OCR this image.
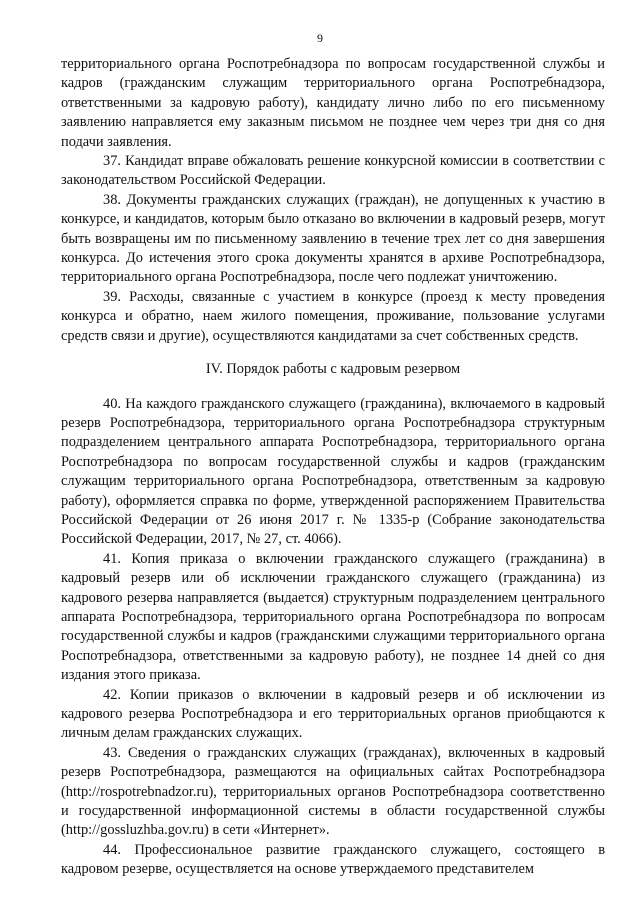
9

территориального органа Роспотребнадзора по вопросам государственной службы и кадров (гражданским служащим территориального органа Роспотребнадзора, ответственными за кадровую работу), кандидату лично либо по его письменному заявлению направляется ему заказным письмом не позднее чем через три дня со дня подачи заявления.

37. Кандидат вправе обжаловать решение конкурсной комиссии в соответствии с законодательством Российской Федерации.

38. Документы гражданских служащих (граждан), не допущенных к участию в конкурсе, и кандидатов, которым было отказано во включении в кадровый резерв, могут быть возвращены им по письменному заявлению в течение трех лет со дня завершения конкурса. До истечения этого срока документы хранятся в архиве Роспотребнадзора, территориального органа Роспотребнадзора, после чего подлежат уничтожению.

39. Расходы, связанные с участием в конкурсе (проезд к месту проведения конкурса и обратно, наем жилого помещения, проживание, пользование услугами средств связи и другие), осуществляются кандидатами за счет собственных средств.

IV. Порядок работы с кадровым резервом

40. На каждого гражданского служащего (гражданина), включаемого в кадровый резерв Роспотребнадзора, территориального органа Роспотребнадзора структурным подразделением центрального аппарата Роспотребнадзора, территориального органа Роспотребнадзора по вопросам государственной службы и кадров (гражданским служащим территориального органа Роспотребнадзора, ответственным за кадровую работу), оформляется справка по форме, утвержденной распоряжением Правительства Российской Федерации от 26 июня 2017 г. № 1335-р (Собрание законодательства Российской Федерации, 2017, № 27, ст. 4066).

41. Копия приказа о включении гражданского служащего (гражданина) в кадровый резерв или об исключении гражданского служащего (гражданина) из кадрового резерва направляется (выдается) структурным подразделением центрального аппарата Роспотребнадзора, территориального органа Роспотребнадзора по вопросам государственной службы и кадров (гражданскими служащими территориального органа Роспотребнадзора, ответственными за кадровую работу), не позднее 14 дней со дня издания этого приказа.

42. Копии приказов о включении в кадровый резерв и об исключении из кадрового резерва Роспотребнадзора и его территориальных органов приобщаются к личным делам гражданских служащих.

43. Сведения о гражданских служащих (гражданах), включенных в кадровый резерв Роспотребнадзора, размещаются на официальных сайтах Роспотребнадзора (http://rospotrebnadzor.ru), территориальных органов Роспотребнадзора соответственно и государственной информационной системы в области государственной службы (http://gossluzhba.gov.ru) в сети «Интернет».

44. Профессиональное развитие гражданского служащего, состоящего в кадровом резерве, осуществляется на основе утверждаемого представителем
